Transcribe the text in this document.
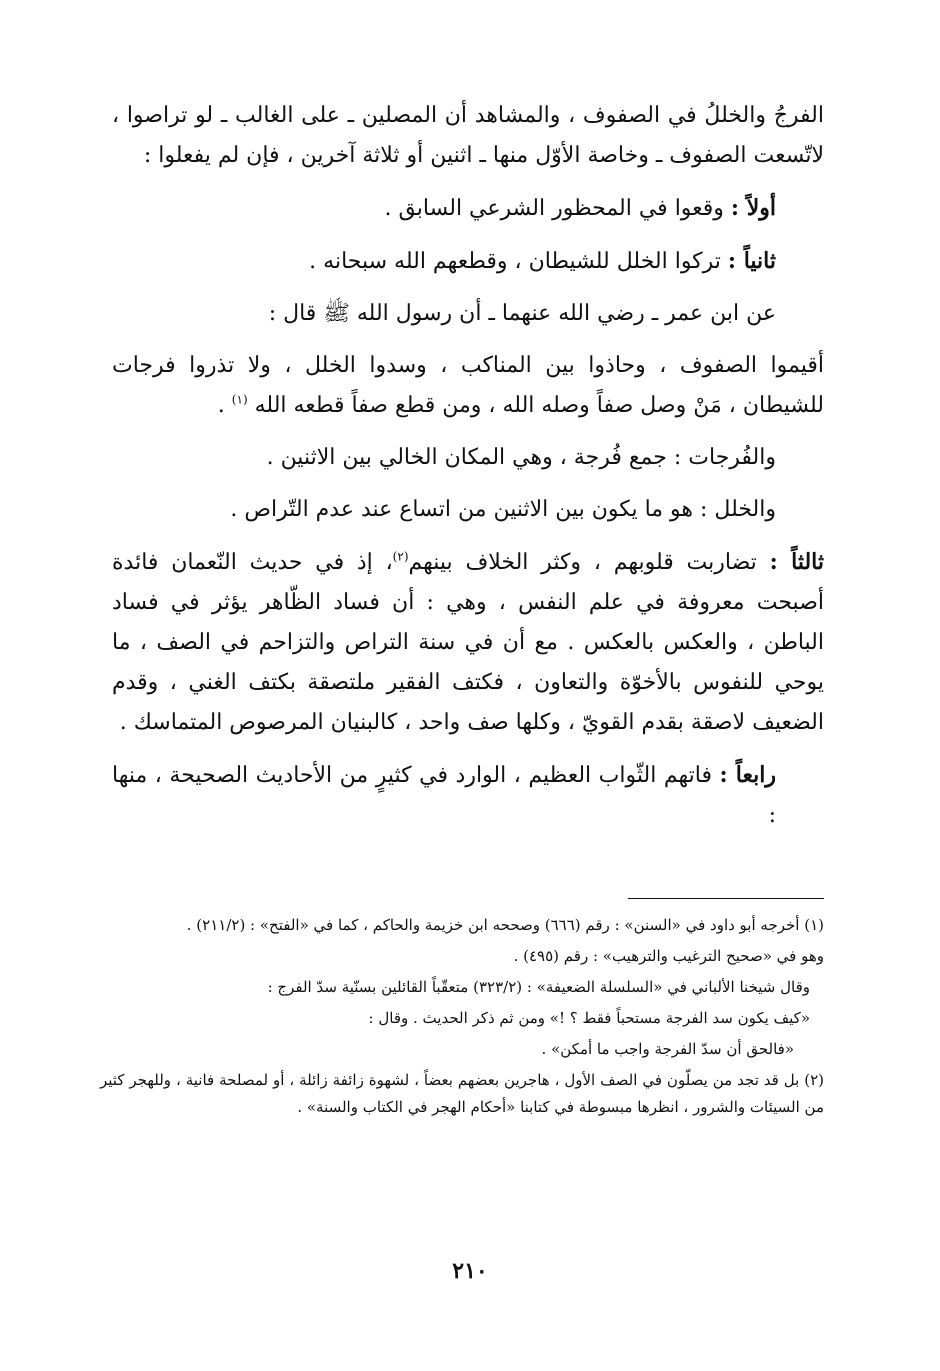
الفرجُ والخللُ في الصفوف ، والمشاهد أن المصلين ـ على الغالب ـ لو تراصوا ، لاتّسعت الصفوف ـ وخاصة الأوّل منها ـ اثنين أو ثلاثة آخرين ، فإن لم يفعلوا :

أولاً : وقعوا في المحظور الشرعي السابق .

ثانياً : تركوا الخلل للشيطان ، وقطعهم الله سبحانه .

عن ابن عمر ـ رضي الله عنهما ـ أن رسول الله ﷺ قال :

أقيموا الصفوف ، وحاذوا بين المناكب ، وسدوا الخلل ، ولا تذروا فرجات للشيطان ، مَنْ وصل صفاً وصله الله ، ومن قطع صفاً قطعه الله $^{(١)}$ .

والفُرجات : جمع فُرجة ، وهي المكان الخالي بين الاثنين .

والخلل : هو ما يكون بين الاثنين من اتساع عند عدم التّراص .

ثالثاً : تضاربت قلوبهم ، وكثر الخلاف بينهم$^{(٢)}$، إذ في حديث النّعمان فائدة أصبحت معروفة في علم النفس ، وهي : أن فساد الظّاهر يؤثر في فساد الباطن ، والعكس بالعكس . مع أن في سنة التراص والتزاحم في الصف ، ما يوحي للنفوس بالأخوّة والتعاون ، فكتف الفقير ملتصقة بكتف الغني ، وقدم الضعيف لاصقة بقدم القويّ ، وكلها صف واحد ، كالبنيان المرصوص المتماسك .

رابعاً : فاتهم الثّواب العظيم ، الوارد في كثيرٍ من الأحاديث الصحيحة ، منها :

(١) أخرجه أبو داود في «السنن» : رقم (٦٦٦) وصححه ابن خزيمة والحاكم ، كما في «الفتح» : (٢١١/٢) .

وهو في «صحيح الترغيب والترهيب» : رقم (٤٩٥) .

وقال شيخنا الألباني في «السلسلة الضعيفة» : (٣٢٣/٢) متعقّباً القائلين بسنّية سدّ الفرج :

«كيف يكون سد الفرجة مستحباً فقط ؟ !» ومن ثم ذكر الحديث . وقال :

«فالحق أن سدّ الفرجة واجب ما أمكن» .

(٢) بل قد تجد من يصلّون في الصف الأول ، هاجرين بعضهم بعضاً ، لشهوة زائفة زائلة ، أو لمصلحة فانية ، وللهجر كثير من السيئات والشرور ، انظرها مبسوطة في كتابنا «أحكام الهجر في الكتاب والسنة» .

٢١٠
